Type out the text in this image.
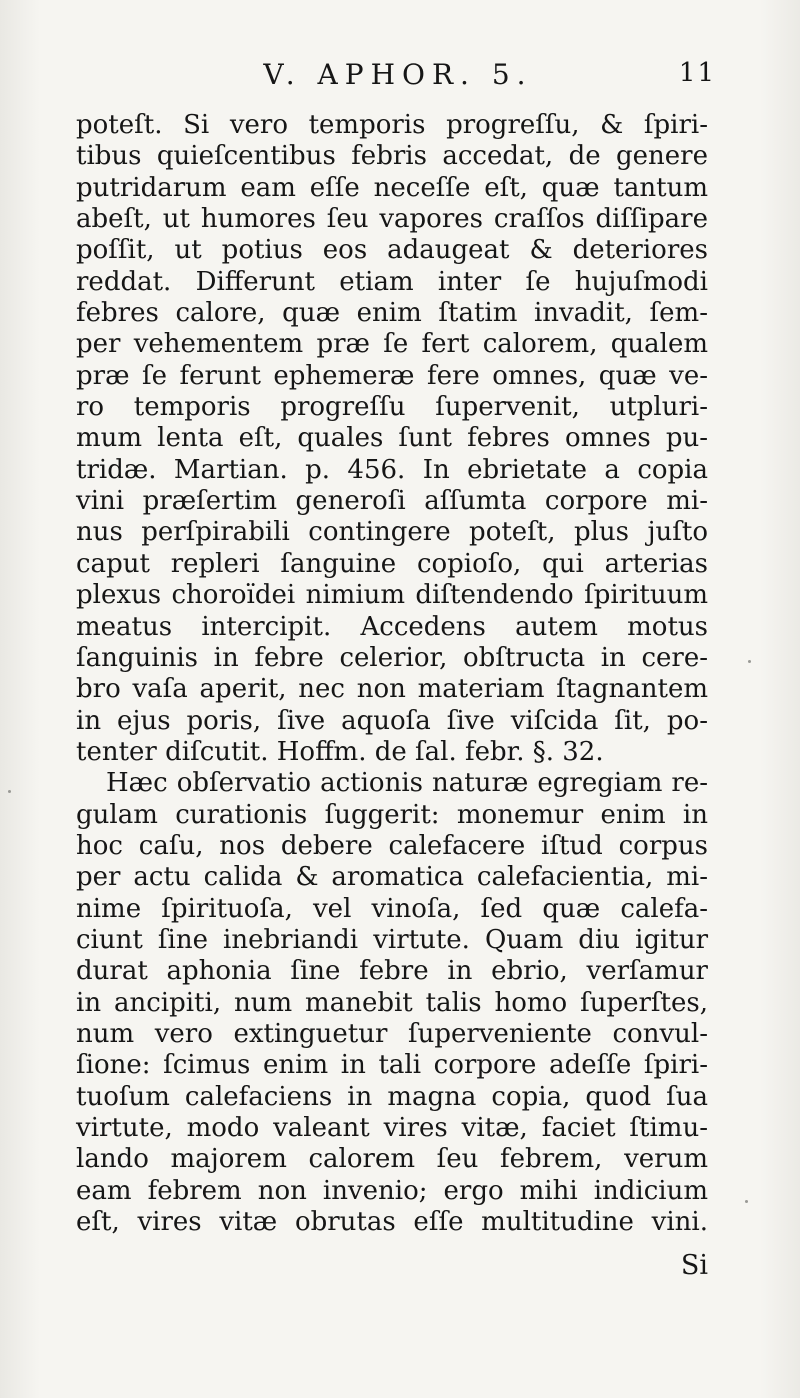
V. APHOR. 5.	11
poteſt. Si vero temporis progreſſu, & ſpiri-
tibus quieſcentibus febris accedat, de genere
putridarum eam eſſe neceſſe eſt, quæ tantum
abeſt, ut humores ſeu vapores craſſos diſſipare
poſſit, ut potius eos adaugeat & deteriores
reddat. Differunt etiam inter ſe hujuſmodi
febres calore, quæ enim ſtatim invadit, ſem-
per vehementem præ ſe fert calorem, qualem
præ ſe ferunt ephemeræ fere omnes, quæ ve-
ro temporis progreſſu ſupervenit, utpluri-
mum lenta eſt, quales ſunt febres omnes pu-
tridæ. Martian. p. 456. In ebrietate a copia
vini præſertim generoſi aſſumta corpore mi-
nus perſpirabili contingere poteſt, plus juſto
caput repleri ſanguine copioſo, qui arterias
plexus choroïdei nimium diſtendendo ſpirituum
meatus intercipit. Accedens autem motus
ſanguinis in febre celerior, obſtructa in cere-
bro vaſa aperit, nec non materiam ſtagnantem
in ejus poris, ſive aquoſa ſive viſcida ſit, po-
tenter diſcutit. Hoffm. de ſal. febr. §. 32.
Hæc obſervatio actionis naturæ egregiam re-
gulam curationis ſuggerit: monemur enim in
hoc caſu, nos debere calefacere iſtud corpus
per actu calida & aromatica calefacientia, mi-
nime ſpirituoſa, vel vinoſa, ſed quæ calefa-
ciunt ſine inebriandi virtute. Quam diu igitur
durat aphonia ſine febre in ebrio, verſamur
in ancipiti, num manebit talis homo ſuperſtes,
num vero extinguetur ſuperveniente convul-
ſione: ſcimus enim in tali corpore adeſſe ſpiri-
tuoſum calefaciens in magna copia, quod ſua
virtute, modo valeant vires vitæ, faciet ſtimu-
lando majorem calorem ſeu febrem, verum
eam febrem non invenio; ergo mihi indicium
eſt, vires vitæ obrutas eſſe multitudine vini.
Si
